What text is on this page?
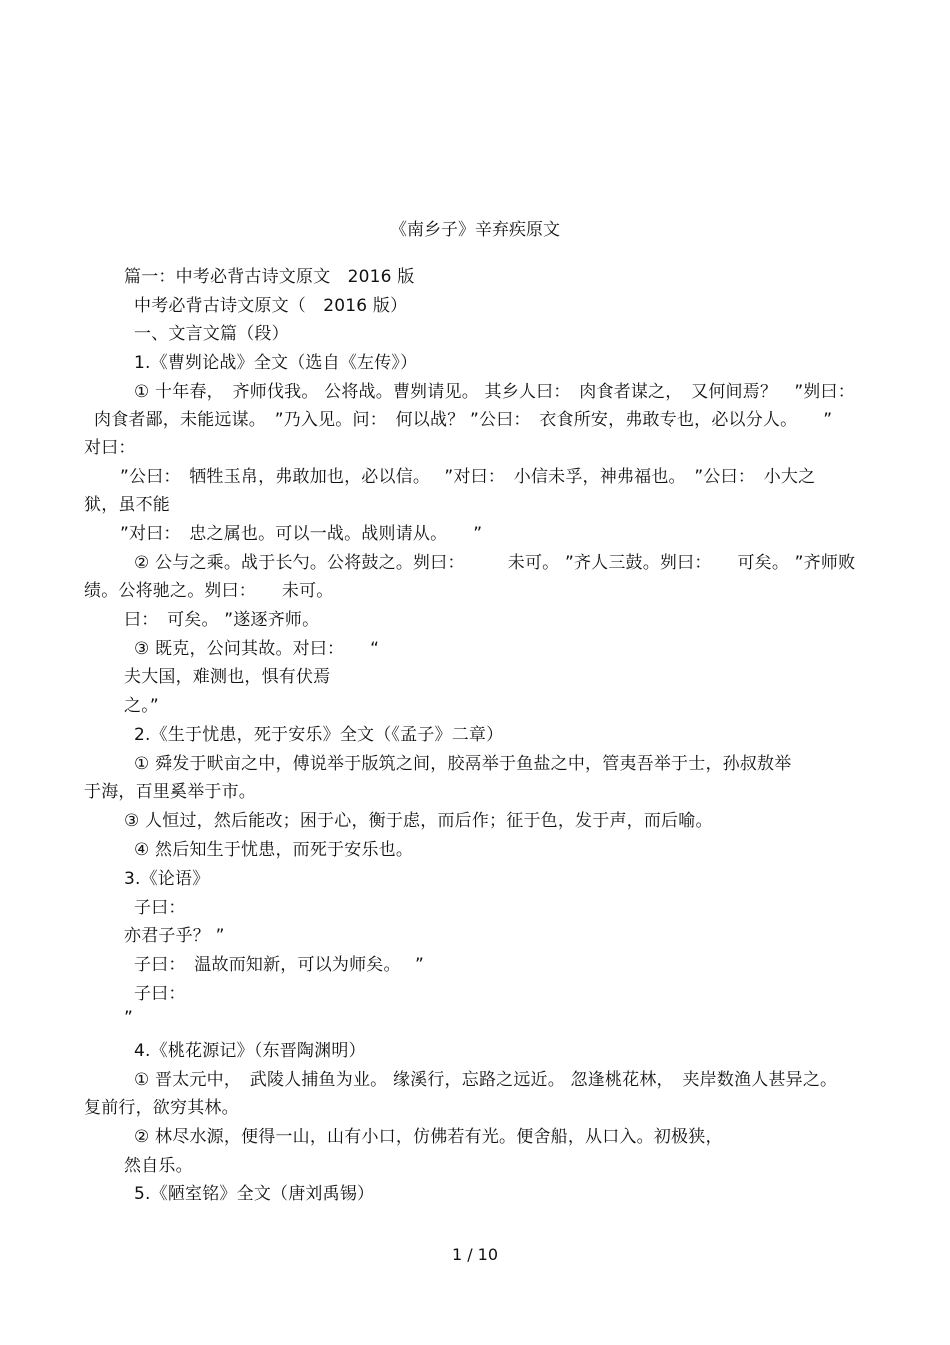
《南乡子》辛弃疾原文
篇一：中考必背古诗文原文　2016 版
中考必背古诗文原文（　2016 版）
一、文言文篇（段）
1.《曹刿论战》全文（选自《左传》）
① 十年春，　齐师伐我。 公将战。曹刿请见。 其乡人曰：　肉食者谋之，　又何间焉？　”刿曰：
肉食者鄙，未能远谋。　”乃入见。问：　何以战？ ”公曰：　衣食所安，弗敢专也，必以分人。　　”
对曰：
”公曰：　牺牲玉帛，弗敢加也，必以信。　 ”对曰：　小信未孚，神弗福也。　”公曰：　小大之
狱，虽不能
”对曰：　忠之属也。可以一战。战则请从。　　”
② 公与之乘。战于长勺。公将鼓之。刿曰：　　　未可。 ”齐人三鼓。刿曰：　　可矣。 ”齐师败
绩。公将驰之。刿曰：　　未可。
曰：　可矣。 ”遂逐齐师。
③ 既克，公问其故。对曰：　　“
夫大国，难测也，惧有伏焉
之。”
2.《生于忧患，死于安乐》全文（《孟子》二章）
① 舜发于畎亩之中，傅说举于版筑之间，胶鬲举于鱼盐之中，管夷吾举于士，孙叔敖举
于海，百里奚举于市。
③ 人恒过，然后能改；困于心，衡于虑，而后作；征于色，发于声，而后喻。
④ 然后知生于忧患，而死于安乐也。
3.《论语》
子曰：
亦君子乎？ ”
子曰：　温故而知新，可以为师矣。　 ”
子曰：
”
4.《桃花源记》（东晋陶渊明）
① 晋太元中，　武陵人捕鱼为业。 缘溪行，忘路之远近。 忽逢桃花林，　夹岸数渔人甚异之。
复前行，欲穷其林。
② 林尽水源，便得一山，山有小口，仿佛若有光。便舍船，从口入。初极狭，
然自乐。
5.《陋室铭》全文（唐刘禹锡）
1 / 10
